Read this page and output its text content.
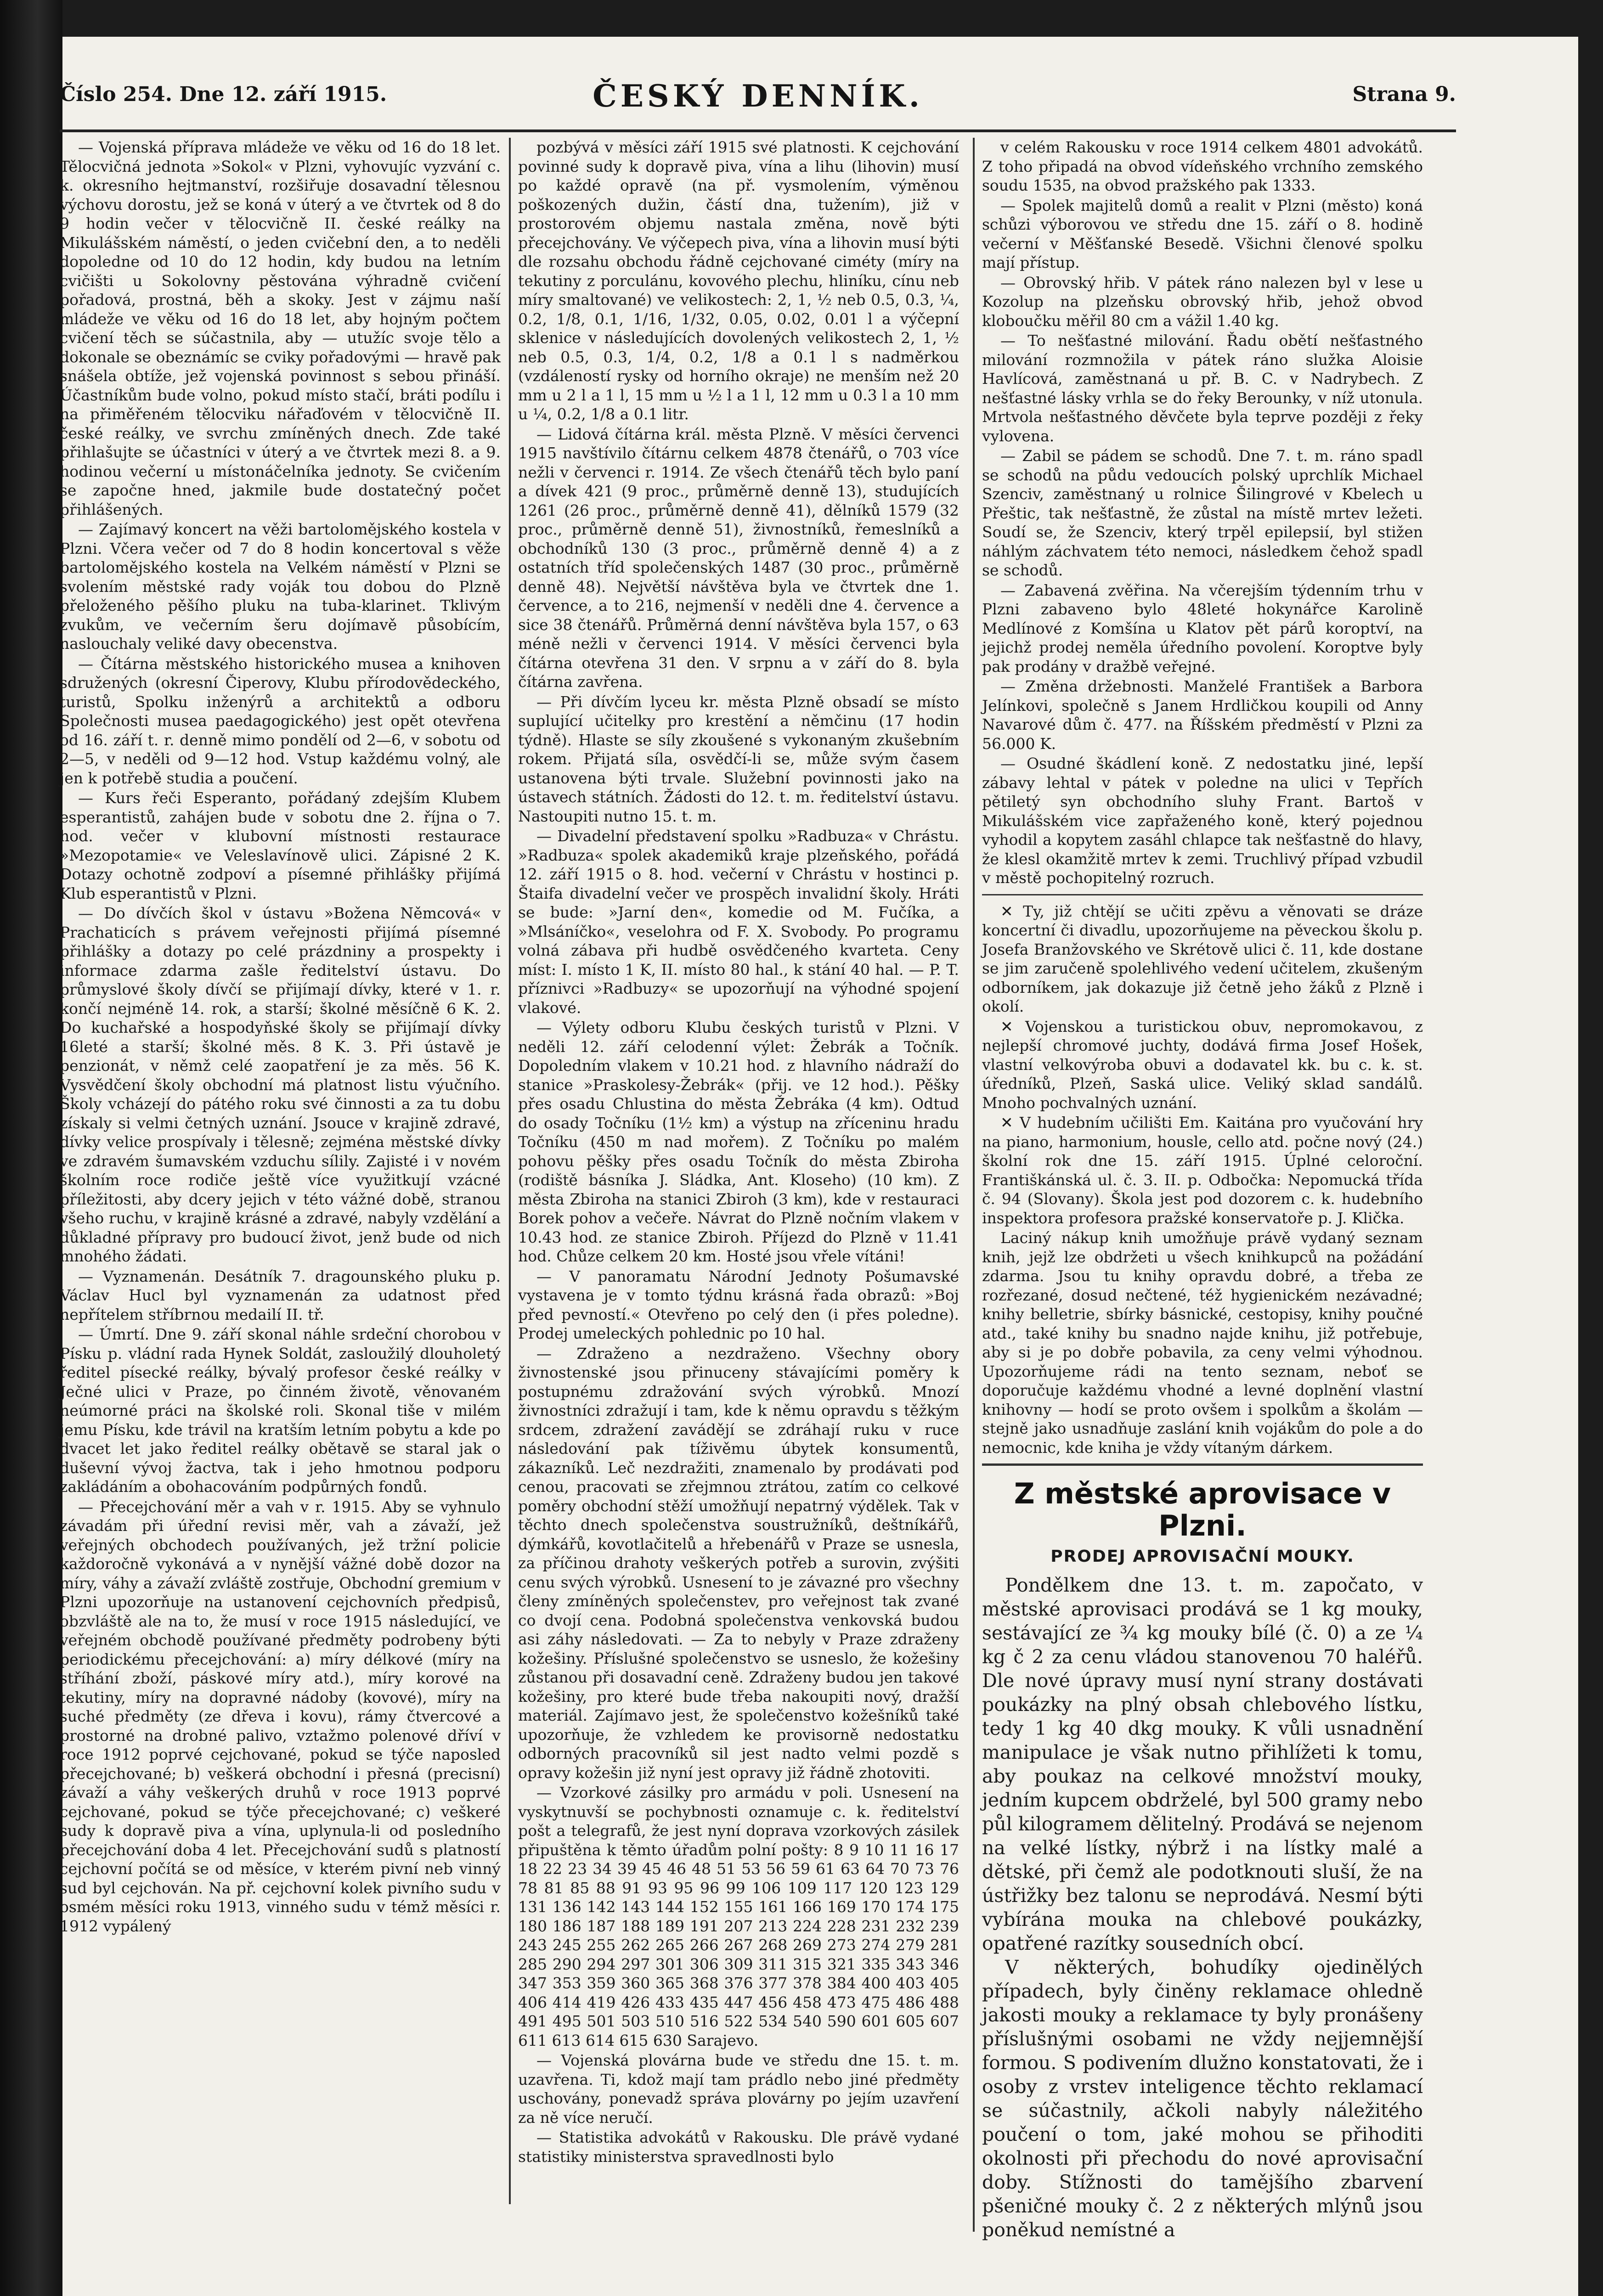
Číslo 254. Dne 12. září 1915.	ČESKÝ DENNÍK.	Strana 9.

— Vojenská příprava mládeže ve věku od 16 do 18 let. Tělocvičná jednota »Sokol« v Plzni, vyhovujíc vyzvání c. k. okresního hejtmanství, rozšiřuje dosavadní tělesnou výchovu dorostu, jež se koná v úterý a ve čtvrtek od 8 do 9 hodin večer v tělocvičně II. české reálky na Mikulášském náměstí, o jeden cvičební den, a to neděli dopoledne od 10 do 12 hodin, kdy budou na letním cvičišti u Sokolovny pěstována výhradně cvičení pořadová, prostná, běh a skoky. Jest v zájmu naší mládeže ve věku od 16 do 18 let, aby hojným počtem cvičení těch se súčastnila, aby — utužíc svoje tělo a dokonale se obeznámíc se cviky pořadovými — hravě pak snášela obtíže, jež vojenská povinnost s sebou přináší. Účastníkům bude volno, pokud místo stačí, bráti podílu i na přiměřeném tělocviku nářaďovém v tělocvičně II. české reálky, ve svrchu zmíněných dnech. Zde také přihlašujte se účastníci v úterý a ve čtvrtek mezi 8. a 9. hodinou večerní u místonáčelníka jednoty. Se cvičením se započne hned, jakmile bude dostatečný počet přihlášených.

— Zajímavý koncert na věži bartolomějského kostela v Plzni. Včera večer od 7 do 8 hodin koncertoval s věže bartolomějského kostela na Velkém náměstí v Plzni se svolením městské rady voják tou dobou do Plzně přeloženého pěšího pluku na tuba-klarinet. Tklivým zvukům, ve večerním šeru dojímavě působícím, naslouchaly veliké davy obecenstva.

— Čítárna městského historického musea a knihoven sdružených (okresní Čiperovy, Klubu přírodovědeckého, turistů, Spolku inženýrů a architektů a odboru Společnosti musea paedagogického) jest opět otevřena od 16. září t. r. denně mimo pondělí od 2—6, v sobotu od 2—5, v neděli od 9—12 hod. Vstup každému volný, ale jen k potřebě studia a poučení.

— Kurs řeči Esperanto, pořádaný zdejším Klubem esperantistů, zahájen bude v sobotu dne 2. října o 7. hod. večer v klubovní místnosti restaurace »Mezopotamie« ve Veleslavínově ulici. Zápisné 2 K. Dotazy ochotně zodpoví a písemné přihlášky přijímá Klub esperantistů v Plzni.

— Do dívčích škol v ústavu »Božena Němcová« v Prachaticích s právem veřejnosti přijímá písemné přihlášky a dotazy po celé prázdniny a prospekty i informace zdarma zašle ředitelství ústavu. Do průmyslové školy dívčí se přijímají dívky, které v 1. r. končí nejméně 14. rok, a starší; školné měsíčně 6 K. 2. Do kuchařské a hospodyňské školy se přijímají dívky 16leté a starší; školné měs. 8 K. 3. Při ústavě je penzionát, v němž celé zaopatření je za měs. 56 K. Vysvědčení školy obchodní má platnost listu výučního. Školy vcházejí do pátého roku své činnosti a za tu dobu získaly si velmi četných uznání. Jsouce v krajině zdravé, dívky velice prospívaly i tělesně; zejména městské dívky ve zdravém šumavském vzduchu sílily. Zajisté i v novém školním roce rodiče ještě více využitkují vzácné příležitosti, aby dcery jejich v této vážné době, stranou všeho ruchu, v krajině krásné a zdravé, nabyly vzdělání a důkladné přípravy pro budoucí život, jenž bude od nich mnohého žádati.

— Vyznamenán. Desátník 7. dragounského pluku p. Václav Hucl byl vyznamenán za udatnost před nepřítelem stříbrnou medailí II. tř.

— Úmrtí. Dne 9. září skonal náhle srdeční chorobou v Písku p. vládní rada Hynek Soldát, zasloužilý dlouholetý ředitel písecké reálky, bývalý profesor české reálky v Ječné ulici v Praze, po činném životě, věnovaném neúmorné práci na školské roli. Skonal tiše v milém jemu Písku, kde trávil na kratším letním pobytu a kde po dvacet let jako ředitel reálky obětavě se staral jak o duševní vývoj žactva, tak i jeho hmotnou podporu zakládáním a obohacováním podpůrných fondů.

— Přecejchování měr a vah v r. 1915. Aby se vyhnulo závadám při úřední revisi měr, vah a závaží, jež veřejných obchodech používaných, jež tržní policie každoročně vykonává a v nynější vážné době dozor na míry, váhy a závaží zvláště zostřuje, Obchodní gremium v Plzni upozorňuje na ustanovení cejchovních předpisů, obzvláště ale na to, že musí v roce 1915 následující, ve veřejném obchodě používané předměty podrobeny býti periodickému přecejchování: a) míry délkové (míry na stříhání zboží, páskové míry atd.), míry korové na tekutiny, míry na dopravné nádoby (kovové), míry na suché předměty (ze dřeva i kovu), rámy čtvercové a prostorné na drobné palivo, vztažmo polenové dříví v roce 1912 poprvé cejchované, pokud se týče naposled přecejchované; b) veškerá obchodní i přesná (precisní) závaží a váhy veškerých druhů v roce 1913 poprvé cejchované, pokud se týče přecejchované; c) veškeré sudy k dopravě piva a vína, uplynula-li od posledního přecejchování doba 4 let. Přecejchování sudů s platností cejchovní počítá se od měsíce, v kterém pivní neb vinný sud byl cejchován. Na př. cejchovní kolek pivního sudu v osmém měsíci roku 1913, vinného sudu v témž měsíci r. 1912 vypálený

pozbývá v měsíci září 1915 své platnosti. K cejchování povinné sudy k dopravě piva, vína a lihu (lihovin) musí po každé opravě (na př. vysmolením, výměnou poškozených dužin, částí dna, tužením), již v prostorovém objemu nastala změna, nově býti přecejchovány. Ve výčepech piva, vína a lihovin musí býti dle rozsahu obchodu řádně cejchované ciméty (míry na tekutiny z porculánu, kovového plechu, hliníku, cínu neb míry smaltované) ve velikostech: 2, 1, ½ neb 0.5, 0.3, ¼, 0.2, 1/8, 0.1, 1/16, 1/32, 0.05, 0.02, 0.01 l a výčepní sklenice v následujících dovolených velikostech 2, 1, ½ neb 0.5, 0.3, 1/4, 0.2, 1/8 a 0.1 l s nadměrkou (vzdáleností rysky od horního okraje) ne menším než 20 mm u 2 l a 1 l, 15 mm u ½ l a 1 l, 12 mm u 0.3 l a 10 mm u ¼, 0.2, 1/8 a 0.1 litr.

— Lidová čítárna král. města Plzně. V měsíci červenci 1915 navštívilo čítárnu celkem 4878 čtenářů, o 703 více nežli v červenci r. 1914. Ze všech čtenářů těch bylo paní a dívek 421 (9 proc., průměrně denně 13), studujících 1261 (26 proc., průměrně denně 41), dělníků 1579 (32 proc., průměrně denně 51), živnostníků, řemeslníků a obchodníků 130 (3 proc., průměrně denně 4) a z ostatních tříd společenských 1487 (30 proc., průměrně denně 48). Největší návštěva byla ve čtvrtek dne 1. července, a to 216, nejmenší v neděli dne 4. července a sice 38 čtenářů. Průměrná denní návštěva byla 157, o 63 méně nežli v červenci 1914. V měsíci červenci byla čítárna otevřena 31 den. V srpnu a v září do 8. byla čítárna zavřena.

— Při dívčím lyceu kr. města Plzně obsadí se místo suplující učitelky pro krestění a němčinu (17 hodin týdně). Hlaste se síly zkoušené s vykonaným zkušebním rokem. Přijatá síla, osvědčí-li se, může svým časem ustanovena býti trvale. Služební povinnosti jako na ústavech státních. Žádosti do 12. t. m. ředitelství ústavu. Nastoupiti nutno 15. t. m.

— Divadelní představení spolku »Radbuza« v Chrástu. »Radbuza« spolek akademiků kraje plzeňského, pořádá 12. září 1915 o 8. hod. večerní v Chrástu v hostinci p. Štaifa divadelní večer ve prospěch invalidní školy. Hráti se bude: »Jarní den«, komedie od M. Fučíka, a »Mlsáníčko«, veselohra od F. X. Svobody. Po programu volná zábava při hudbě osvědčeného kvarteta. Ceny míst: I. místo 1 K, II. místo 80 hal., k stání 40 hal. — P. T. příznivci »Radbuzy« se upozorňují na výhodné spojení vlakové.

— Výlety odboru Klubu českých turistů v Plzni. V neděli 12. září celodenní výlet: Žebrák a Točník. Dopoledním vlakem v 10.21 hod. z hlavního nádraží do stanice »Praskolesy-Žebrák« (přij. ve 12 hod.). Pěšky přes osadu Chlustina do města Žebráka (4 km). Odtud do osady Točníku (1½ km) a výstup na zříceninu hradu Točníku (450 m nad mořem). Z Točníku po malém pohovu pěšky přes osadu Točník do města Zbiroha (rodiště básníka J. Sládka, Ant. Kloseho) (10 km). Z města Zbiroha na stanici Zbiroh (3 km), kde v restauraci Borek pohov a večeře. Návrat do Plzně nočním vlakem v 10.43 hod. ze stanice Zbiroh. Příjezd do Plzně v 11.41 hod. Chůze celkem 20 km. Hosté jsou vřele vítáni!

— V panoramatu Národní Jednoty Pošumavské vystavena je v tomto týdnu krásná řada obrazů: »Boj před pevností.« Otevřeno po celý den (i přes poledne). Prodej umeleckých pohlednic po 10 hal.

— Zdraženo a nezdraženo. Všechny obory živnostenské jsou přinuceny stávajícími poměry k postupnému zdražování svých výrobků. Mnozí živnostníci zdražují i tam, kde k němu opravdu s těžkým srdcem, zdražení zavádějí se zdráhají ruku v ruce následování pak tíživěmu úbytek konsumentů, zákazníků. Leč nezdražiti, znamenalo by prodávati pod cenou, pracovati se zřejmnou ztrátou, zatím co celkové poměry obchodní stěží umožňují nepatrný výdělek. Tak v těchto dnech společenstva soustružníků, deštníkářů, dýmkářů, kovotlačitelů a hřebenářů v Praze se usnesla, za příčinou drahoty veškerých potřeb a surovin, zvýšiti cenu svých výrobků. Usnesení to je závazné pro všechny členy zmíněných společenstev, pro veřejnost tak zvané co dvojí cena. Podobná společenstva venkovská budou asi záhy následovati. — Za to nebyly v Praze zdraženy kožešiny. Příslušné společenstvo se usneslo, že kožešiny zůstanou při dosavadní ceně. Zdraženy budou jen takové kožešiny, pro které bude třeba nakoupiti nový, dražší materiál. Zajímavo jest, že společenstvo kožešníků také upozorňuje, že vzhledem ke provisorně nedostatku odborných pracovníků sil jest nadto velmi pozdě s opravy kožešin již nyní jest opravy již řádně zhotoviti.

— Vzorkové zásilky pro armádu v poli. Usnesení na vyskytnuvší se pochybnosti oznamuje c. k. ředitelství pošt a telegrafů, že jest nyní doprava vzorkových zásilek připuštěna k těmto úřadům polní pošty: 8 9 10 11 16 17 18 22 23 34 39 45 46 48 51 53 56 59 61 63 64 70 73 76 78 81 85 88 91 93 95 96 99 106 109 117 120 123 129 131 136 142 143 144 152 155 161 166 169 170 174 175 180 186 187 188 189 191 207 213 224 228 231 232 239 243 245 255 262 265 266 267 268 269 273 274 279 281 285 290 294 297 301 306 309 311 315 321 335 343 346 347 353 359 360 365 368 376 377 378 384 400 403 405 406 414 419 426 433 435 447 456 458 473 475 486 488 491 495 501 503 510 516 522 534 540 590 601 605 607 611 613 614 615 630 Sarajevo.

— Vojenská plovárna bude ve středu dne 15. t. m. uzavřena. Ti, kdož mají tam prádlo nebo jiné předměty uschovány, ponevadž správa plovárny po jejím uzavření za ně více neručí.

— Statistika advokátů v Rakousku. Dle právě vydané statistiky ministerstva spravedlnosti bylo

v celém Rakousku v roce 1914 celkem 4801 advokátů. Z toho připadá na obvod vídeňského vrchního zemského soudu 1535, na obvod pražského pak 1333.

— Spolek majitelů domů a realit v Plzni (město) koná schůzi výborovou ve středu dne 15. září o 8. hodině večerní v Měšťanské Besedě. Všichni členové spolku mají přístup.

— Obrovský hřib. V pátek ráno nalezen byl v lese u Kozolup na plzeňsku obrovský hřib, jehož obvod kloboučku měřil 80 cm a vážil 1.40 kg.

— To nešťastné milování. Řadu obětí nešťastného milování rozmnožila v pátek ráno služka Aloisie Havlícová, zaměstnaná u př. B. C. v Nadrybech. Z nešťastné lásky vrhla se do řeky Berounky, v níž utonula. Mrtvola nešťastného děvčete byla teprve později z řeky vylovena.

— Zabil se pádem se schodů. Dne 7. t. m. ráno spadl se schodů na půdu vedoucích polský uprchlík Michael Szenciv, zaměstnaný u rolnice Šilingrové v Kbelech u Přeštic, tak nešťastně, že zůstal na místě mrtev ležeti. Soudí se, že Szenciv, který trpěl epilepsií, byl stižen náhlým záchvatem této nemoci, následkem čehož spadl se schodů.

— Zabavená zvěřina. Na včerejším týdenním trhu v Plzni zabaveno bylo 48leté hokynářce Karolině Medlínové z Komšína u Klatov pět párů koroptví, na jejichž prodej neměla úředního povolení. Koroptve byly pak prodány v dražbě veřejné.

— Změna držebnosti. Manželé František a Barbora Jelínkovi, společně s Janem Hrdličkou koupili od Anny Navarové dům č. 477. na Říšském předměstí v Plzni za 56.000 K.

— Osudné škádlení koně. Z nedostatku jiné, lepší zábavy lehtal v pátek v poledne na ulici v Tepřích pětiletý syn obchodního sluhy Frant. Bartoš v Mikulášském vice zapřaženého koně, který pojednou vyhodil a kopytem zasáhl chlapce tak nešťastně do hlavy, že klesl okamžitě mrtev k zemi. Truchlivý případ vzbudil v městě pochopitelný rozruch.

✕ Ty, již chtějí se učiti zpěvu a věnovati se dráze koncertní či divadlu, upozorňujeme na pěveckou školu p. Josefa Branžovského ve Skrétově ulici č. 11, kde dostane se jim zaručeně spolehlivého vedení učitelem, zkušeným odborníkem, jak dokazuje již četně jeho žáků z Plzně i okolí.

✕ Vojenskou a turistickou obuv, nepromokavou, z nejlepší chromové juchty, dodává firma Josef Hošek, vlastní velkovýroba obuvi a dodavatel kk. bu c. k. st. úředníků, Plzeň, Saská ulice. Veliký sklad sandálů. Mnoho pochvalných uznání.

✕ V hudebním učilišti Em. Kaitána pro vyučování hry na piano, harmonium, housle, cello atd. počne nový (24.) školní rok dne 15. září 1915. Úplné celoroční. Františkánská ul. č. 3. II. p. Odbočka: Nepomucká třída č. 94 (Slovany). Škola jest pod dozorem c. k. hudebního inspektora profesora pražské konservatoře p. J. Klička.

Laciný nákup knih umožňuje právě vydaný seznam knih, jejž lze obdržeti u všech knihkupců na požádání zdarma. Jsou tu knihy opravdu dobré, a třeba ze rozřezané, dosud nečtené, též hygienickém nezávadné; knihy belletrie, sbírky básnické, cestopisy, knihy poučné atd., také knihy bu snadno najde knihu, již potřebuje, aby si je po dobře pobavila, za ceny velmi výhodnou. Upozorňujeme rádi na tento seznam, neboť se doporučuje každému vhodné a levné doplnění vlastní knihovny — hodí se proto ovšem i spolkům a školám — stejně jako usnadňuje zaslání knih vojákům do pole a do nemocnic, kde kniha je vždy vítaným dárkem.

Z městské aprovisace v Plzni.
PRODEJ APROVISAČNÍ MOUKY.

Pondělkem dne 13. t. m. započato, v městské aprovisaci prodává se 1 kg mouky, sestávající ze ¾ kg mouky bílé (č. 0) a ze ¼ kg č 2 za cenu vládou stanovenou 70 haléřů. Dle nové úpravy musí nyní strany dostávati poukázky na plný obsah chlebového lístku, tedy 1 kg 40 dkg mouky. K vůli usnadnění manipulace je však nutno přihlížeti k tomu, aby poukaz na celkové množství mouky, jedním kupcem obdrželé, byl 500 gramy nebo půl kilogramem dělitelný. Prodává se nejenom na velké lístky, nýbrž i na lístky malé a dětské, při čemž ale podotknouti sluší, že na ústřižky bez talonu se neprodává. Nesmí býti vybírána mouka na chlebové poukázky, opatřené razítky sousedních obcí.

V některých, bohudíky ojedinělých případech, byly činěny reklamace ohledně jakosti mouky a reklamace ty byly pronášeny příslušnými osobami ne vždy nejjemnější formou. S podivením dlužno konstatovati, že i osoby z vrstev inteligence těchto reklamací se súčastnily, ačkoli nabyly náležitého poučení o tom, jaké mohou se přihoditi okolnosti při přechodu do nové aprovisační doby. Stížnosti do tamějšího zbarvení pšeničné mouky č. 2 z některých mlýnů jsou poněkud nemístné a
